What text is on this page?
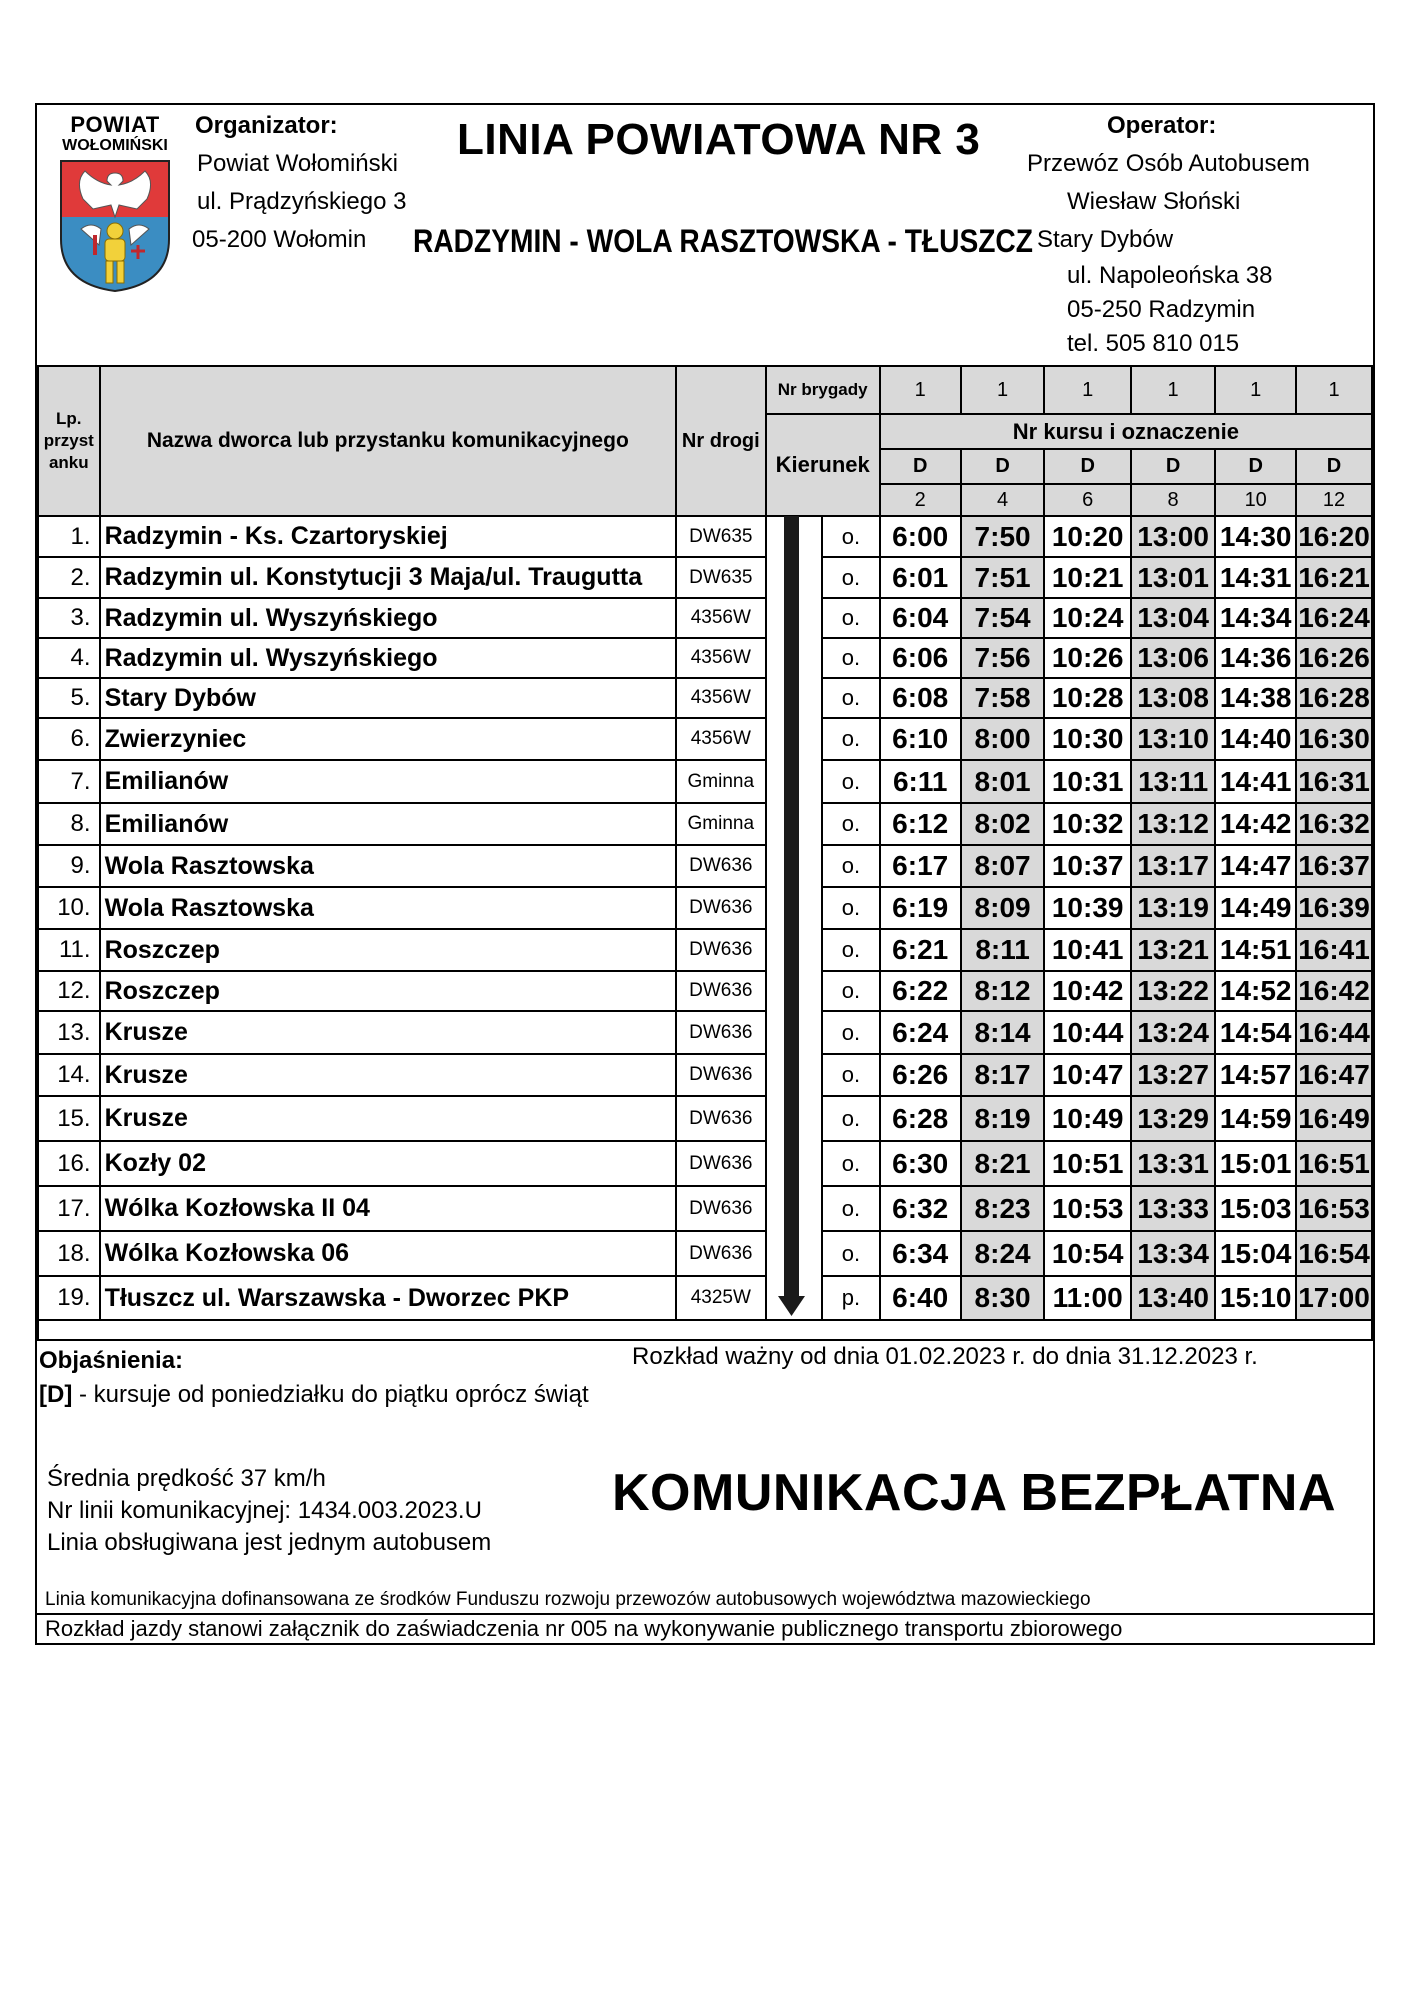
POWIAT
WOŁOMIŃSKI
Organizator:
Powiat Wołomiński
ul. Prądzyńskiego 3
05-200 Wołomin
LINIA POWIATOWA NR 3	Operator:
Przewóz Osób Autobusem
Wiesław Słoński
Stary Dybów
ul. Napoleońska 38
05-250 Radzymin
tel. 505 810 015
RADZYMIN - WOLA RASZTOWSKA - TŁUSZCZ
Lp.
przyst
anku	Nazwa dworca lub przystanku komunikacyjnego	Nr drogi	Nr brygady		1	1	1	1	1	1
			Kierunek		Nr kursu i oznaczenie					
					D	D	D	D	D	D
					2	4	6	8	10	12
1.	Radzymin - Ks. Czartoryskiej	DW635		o.	6:00	7:50	10:20	13:00	14:30	16:20
2.	Radzymin ul. Konstytucji 3 Maja/ul. Traugutta	DW635		o.	6:01	7:51	10:21	13:01	14:31	16:21
3.	Radzymin ul. Wyszyńskiego	4356W		o.	6:04	7:54	10:24	13:04	14:34	16:24
4.	Radzymin ul. Wyszyńskiego	4356W		o.	6:06	7:56	10:26	13:06	14:36	16:26
5.	Stary Dybów	4356W		o.	6:08	7:58	10:28	13:08	14:38	16:28
6.	Zwierzyniec	4356W		o.	6:10	8:00	10:30	13:10	14:40	16:30
7.	Emilianów	Gminna		o.	6:11	8:01	10:31	13:11	14:41	16:31
8.	Emilianów	Gminna		o.	6:12	8:02	10:32	13:12	14:42	16:32
9.	Wola Rasztowska	DW636		o.	6:17	8:07	10:37	13:17	14:47	16:37
10.	Wola Rasztowska	DW636		o.	6:19	8:09	10:39	13:19	14:49	16:39
11.	Roszczep	DW636		o.	6:21	8:11	10:41	13:21	14:51	16:41
12.	Roszczep	DW636		o.	6:22	8:12	10:42	13:22	14:52	16:42
13.	Krusze	DW636		o.	6:24	8:14	10:44	13:24	14:54	16:44
14.	Krusze	DW636		o.	6:26	8:17	10:47	13:27	14:57	16:47
15.	Krusze	DW636		o.	6:28	8:19	10:49	13:29	14:59	16:49
16.	Kozły 02	DW636		o.	6:30	8:21	10:51	13:31	15:01	16:51
17.	Wólka Kozłowska II 04	DW636		o.	6:32	8:23	10:53	13:33	15:03	16:53
18.	Wólka Kozłowska 06	DW636		o.	6:34	8:24	10:54	13:34	15:04	16:54
19.	Tłuszcz ul. Warszawska - Dworzec PKP	4325W		p.	6:40	8:30	11:00	13:40	15:10	17:00

Objaśnienia:	Rozkład ważny od dnia 01.02.2023 r. do dnia 31.12.2023 r.
[D] - kursuje od poniedziałku do piątku oprócz świąt
Średnia prędkość 37 km/h
Nr linii komunikacyjnej: 1434.003.2023.U
Linia obsługiwana jest jednym autobusem
KOMUNIKACJA BEZPŁATNA
Linia komunikacyjna dofinansowana ze środków Funduszu rozwoju przewozów autobusowych województwa mazowieckiego
Rozkład jazdy stanowi załącznik do zaświadczenia nr 005 na wykonywanie publicznego transportu zbiorowego
